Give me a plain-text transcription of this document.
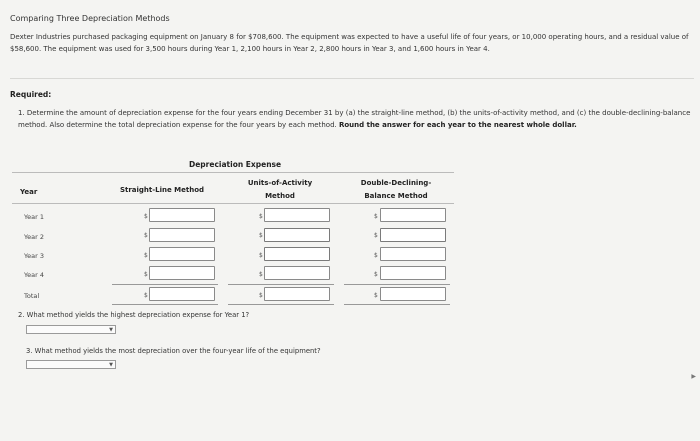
Comparing Three Depreciation Methods
Dexter Industries purchased packaging equipment on January 8 for $708,600. The equipment was expected to have a useful life of four years, or 10,000 operating hours, and a residual value of $58,600. The equipment was used for 3,500 hours during Year 1, 2,100 hours in Year 2, 2,800 hours in Year 3, and 1,600 hours in Year 4.
Required:
1. Determine the amount of depreciation expense for the four years ending December 31 by (a) the straight-line method, (b) the units-of-activity method, and (c) the double-declining-balance method. Also determine the total depreciation expense for the four years by each method. Round the answer for each year to the nearest whole dollar.
Depreciation Expense
Year	Straight-Line Method
Units-of-Activity
Method
Double-Declining-
Balance Method
Year 1
Year 2
Year 3
Year 4
Total
$
$
$
$
$
$
$
$
$
$
$
$
$
$
$
2. What method yields the highest depreciation expense for Year 1?
▼
3. What method yields the most depreciation over the four-year life of the equipment?
▼
▶
